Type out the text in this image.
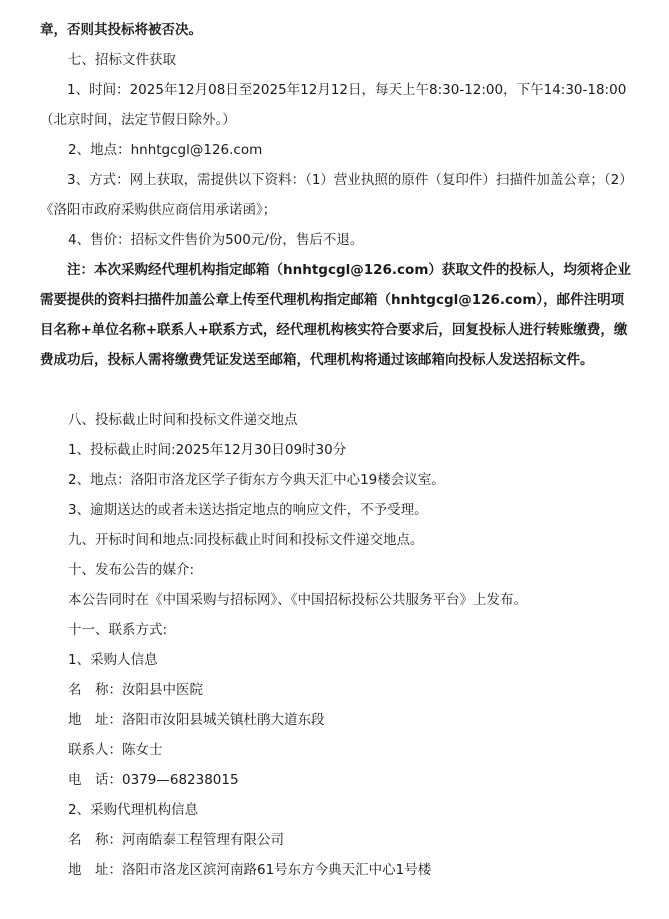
章，否则其投标将被否决。

七、招标文件获取

1、时间：2025年12月08日至2025年12月12日，每天上午8:30-12:00，下午14:30-18:00（北京时间，法定节假日除外。）

2、地点：hnhtgcgl@126.com

3、方式：网上获取，需提供以下资料：（1）营业执照的原件（复印件）扫描件加盖公章；（2）《洛阳市政府采购供应商信用承诺函》；

4、售价：招标文件售价为500元/份，售后不退。

注：本次采购经代理机构指定邮箱（hnhtgcgl@126.com）获取文件的投标人，均须将企业需要提供的资料扫描件加盖公章上传至代理机构指定邮箱（hnhtgcgl@126.com），邮件注明项目名称+单位名称+联系人+联系方式，经代理机构核实符合要求后，回复投标人进行转账缴费，缴费成功后，投标人需将缴费凭证发送至邮箱，代理机构将通过该邮箱向投标人发送招标文件。

八、投标截止时间和投标文件递交地点

1、投标截止时间:2025年12月30日09时30分

2、地点：洛阳市洛龙区学子街东方今典天汇中心19楼会议室。

3、逾期送达的或者未送达指定地点的响应文件，不予受理。

九、开标时间和地点:同投标截止时间和投标文件递交地点。

十、发布公告的媒介:

本公告同时在《中国采购与招标网》、《中国招标投标公共服务平台》上发布。

十一、联系方式:

1、采购人信息

名　称：汝阳县中医院

地　址：洛阳市汝阳县城关镇杜鹃大道东段

联系人：陈女士

电　话：0379—68238015

2、采购代理机构信息

名　称：河南皓泰工程管理有限公司

地　址：洛阳市洛龙区滨河南路61号东方今典天汇中心1号楼
